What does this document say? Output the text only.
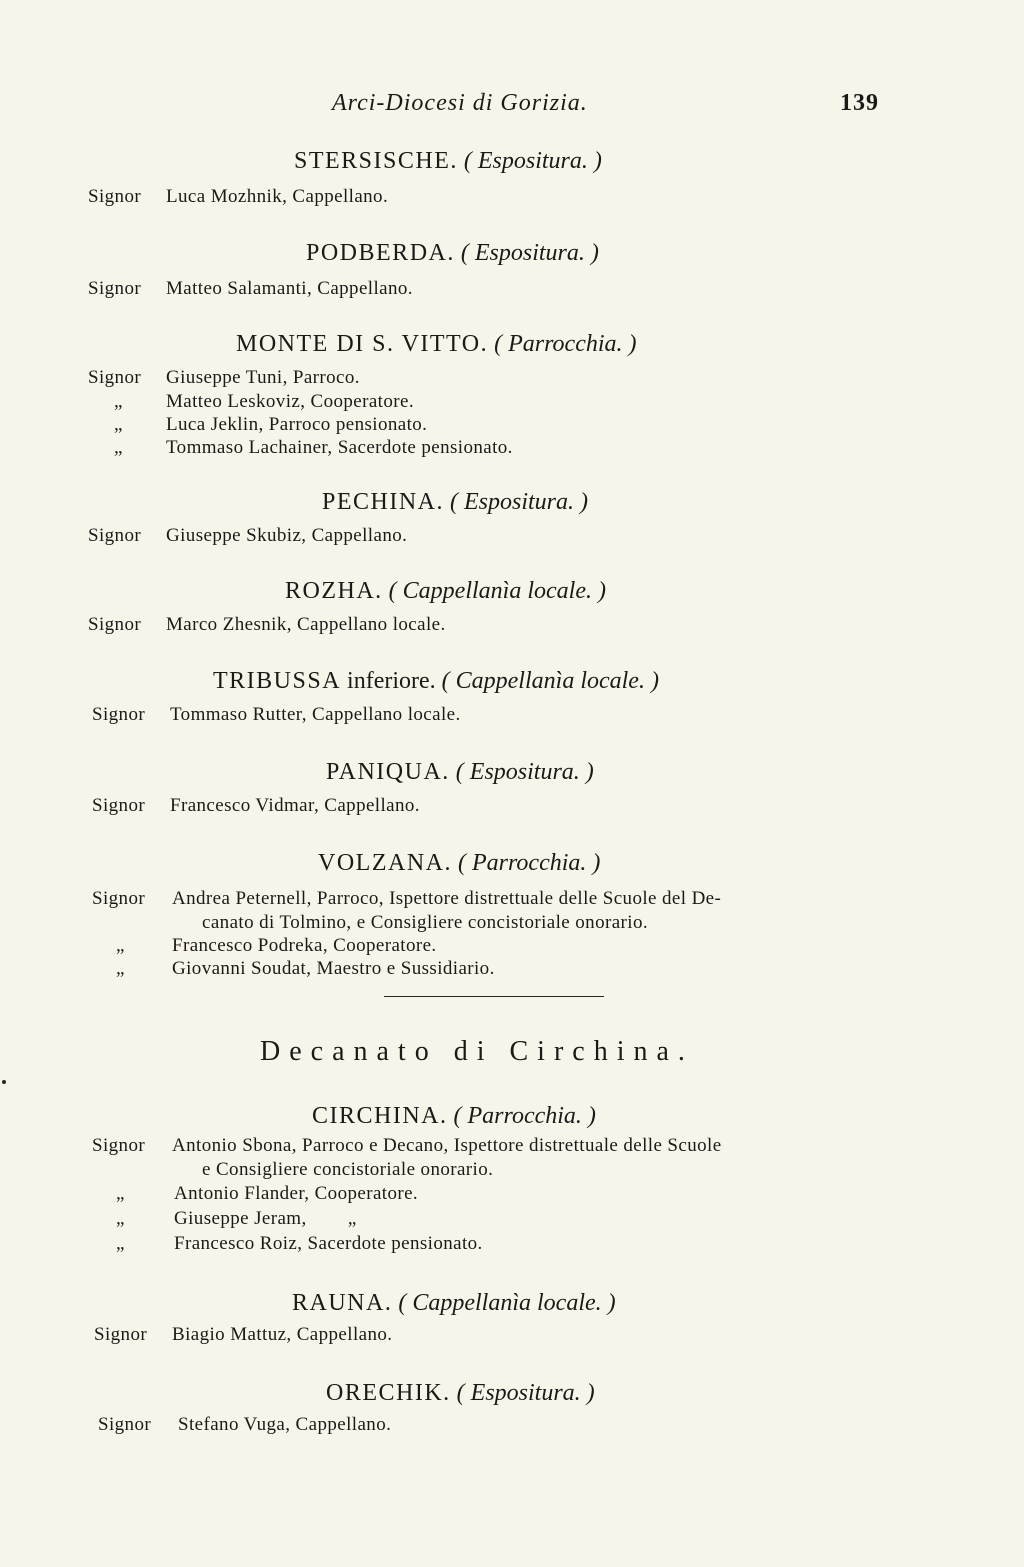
Arci-Diocesi di Gorizia.	139
STERSISCHE. ( Espositura. )
Signor Luca Mozhnik, Cappellano.
PODBERDA. ( Espositura. )
Signor Matteo Salamanti, Cappellano.
MONTE DI S. VITTO. ( Parrocchia. )
Signor Giuseppe Tuni, Parroco.
„ Matteo Leskoviz, Cooperatore.
„ Luca Jeklin, Parroco pensionato.
„ Tommaso Lachainer, Sacerdote pensionato.
PECHINA. ( Espositura. )
Signor Giuseppe Skubiz, Cappellano.
ROZHA. ( Cappellanìa locale. )
Signor Marco Zhesnik, Cappellano locale.
TRIBUSSA inferiore. ( Cappellanìa locale. )
Signor Tommaso Rutter, Cappellano locale.
PANIQUA. ( Espositura. )
Signor Francesco Vidmar, Cappellano.
VOLZANA. ( Parrocchia. )
Signor Andrea Peternell, Parroco, Ispettore distrettuale delle Scuole del De-
canato di Tolmino, e Consigliere concistoriale onorario.
„ Francesco Podreka, Cooperatore.
„ Giovanni Soudat, Maestro e Sussidiario.
Decanato di Circhina.
CIRCHINA. ( Parrocchia. )
Signor Antonio Sbona, Parroco e Decano, Ispettore distrettuale delle Scuole
e Consigliere concistoriale onorario.
„	Antonio Flander, Cooperatore.
„	Giuseppe Jeram,        „
„	Francesco Roiz, Sacerdote pensionato.
RAUNA. ( Cappellanìa locale. )
Signor Biagio Mattuz, Cappellano.
ORECHIK. ( Espositura. )
Signor Stefano Vuga, Cappellano.
